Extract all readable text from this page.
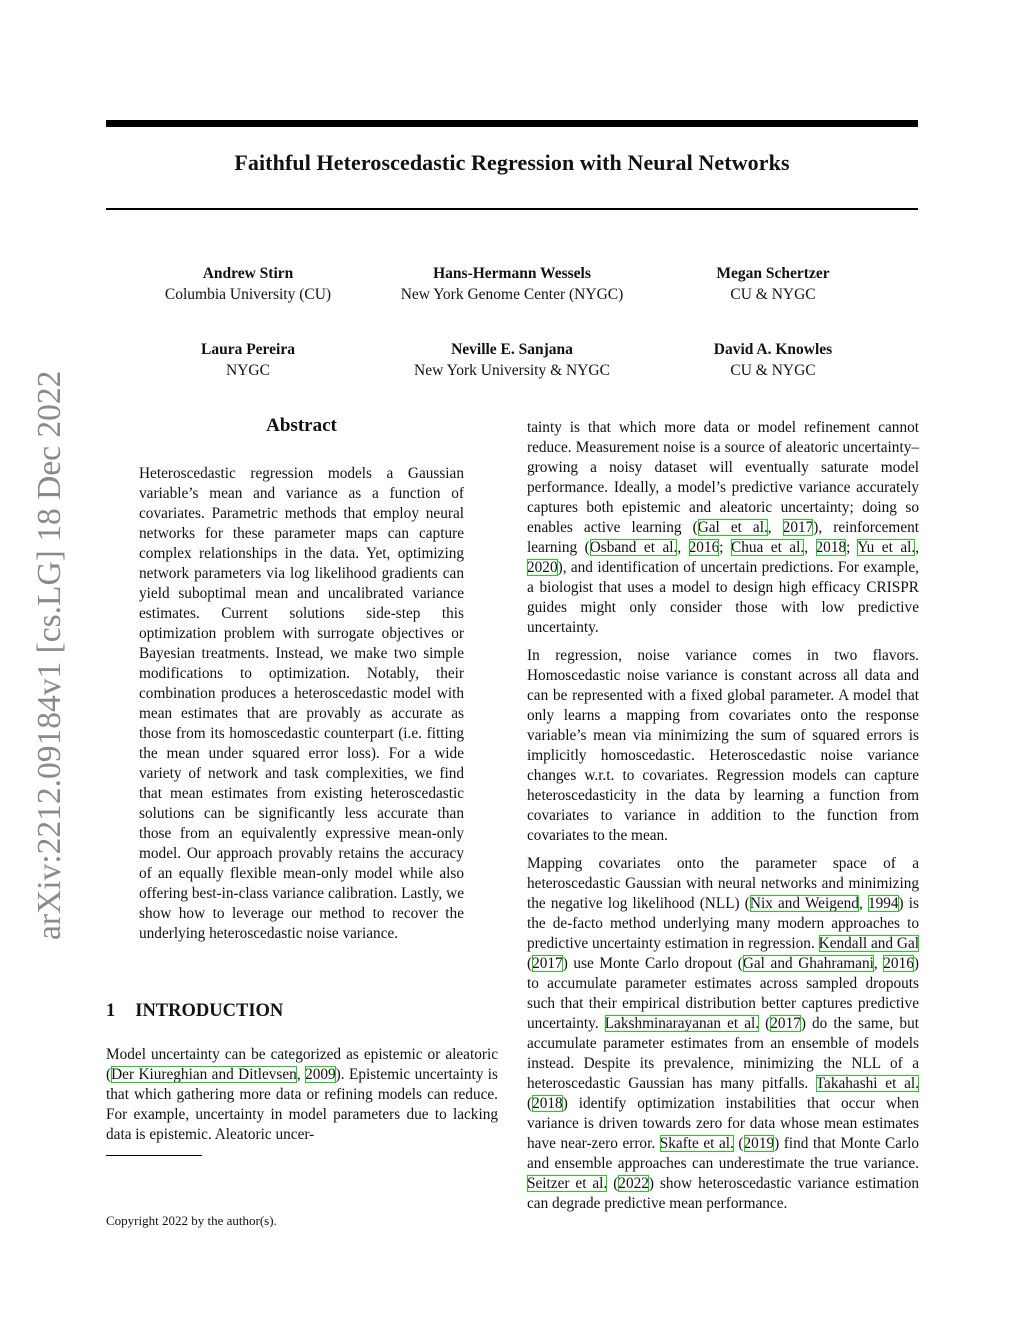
Faithful Heteroscedastic Regression with Neural Networks
arXiv:2212.09184v1 [cs.LG] 18 Dec 2022
Andrew Stirn
Columbia University (CU)
Hans-Hermann Wessels
New York Genome Center (NYGC)
Megan Schertzer
CU & NYGC
Laura Pereira
NYGC
Neville E. Sanjana
New York University & NYGC
David A. Knowles
CU & NYGC
Abstract

Heteroscedastic regression models a Gaussian variable’s mean and variance as a function of covariates. Parametric methods that employ neural networks for these parameter maps can capture complex relationships in the data. Yet, optimizing network parameters via log likelihood gradients can yield suboptimal mean and uncalibrated variance estimates. Current solutions side-step this optimization problem with surrogate objectives or Bayesian treatments. Instead, we make two simple modifications to optimization. Notably, their combination produces a heteroscedastic model with mean estimates that are provably as accurate as those from its homoscedastic counterpart (i.e. fitting the mean under squared error loss). For a wide variety of network and task complexities, we find that mean estimates from existing heteroscedastic solutions can be significantly less accurate than those from an equivalently expressive mean-only model. Our approach provably retains the accuracy of an equally flexible mean-only model while also offering best-in-class variance calibration. Lastly, we show how to leverage our method to recover the underlying heteroscedastic noise variance.

1 INTRODUCTION

Model uncertainty can be categorized as epistemic or aleatoric (Der Kiureghian and Ditlevsen, 2009). Epistemic uncertainty is that which gathering more data or refining models can reduce. For example, uncertainty in model parameters due to lacking data is epistemic. Aleatoric uncer-

Copyright 2022 by the author(s).

tainty is that which more data or model refinement cannot reduce. Measurement noise is a source of aleatoric uncertainty–growing a noisy dataset will eventually saturate model performance. Ideally, a model’s predictive variance accurately captures both epistemic and aleatoric uncertainty; doing so enables active learning (Gal et al., 2017), reinforcement learning (Osband et al., 2016; Chua et al., 2018; Yu et al., 2020), and identification of uncertain predictions. For example, a biologist that uses a model to design high efficacy CRISPR guides might only consider those with low predictive uncertainty.

In regression, noise variance comes in two flavors. Homoscedastic noise variance is constant across all data and can be represented with a fixed global parameter. A model that only learns a mapping from covariates onto the response variable’s mean via minimizing the sum of squared errors is implicitly homoscedastic. Heteroscedastic noise variance changes w.r.t. to covariates. Regression models can capture heteroscedasticity in the data by learning a function from covariates to variance in addition to the function from covariates to the mean.

Mapping covariates onto the parameter space of a heteroscedastic Gaussian with neural networks and minimizing the negative log likelihood (NLL) (Nix and Weigend, 1994) is the de-facto method underlying many modern approaches to predictive uncertainty estimation in regression. Kendall and Gal (2017) use Monte Carlo dropout (Gal and Ghahramani, 2016) to accumulate parameter estimates across sampled dropouts such that their empirical distribution better captures predictive uncertainty. Lakshminarayanan et al. (2017) do the same, but accumulate parameter estimates from an ensemble of models instead. Despite its prevalence, minimizing the NLL of a heteroscedastic Gaussian has many pitfalls. Takahashi et al. (2018) identify optimization instabilities that occur when variance is driven towards zero for data whose mean estimates have near-zero error. Skafte et al. (2019) find that Monte Carlo and ensemble approaches can underestimate the true variance. Seitzer et al. (2022) show heteroscedastic variance estimation can degrade predictive mean performance.
